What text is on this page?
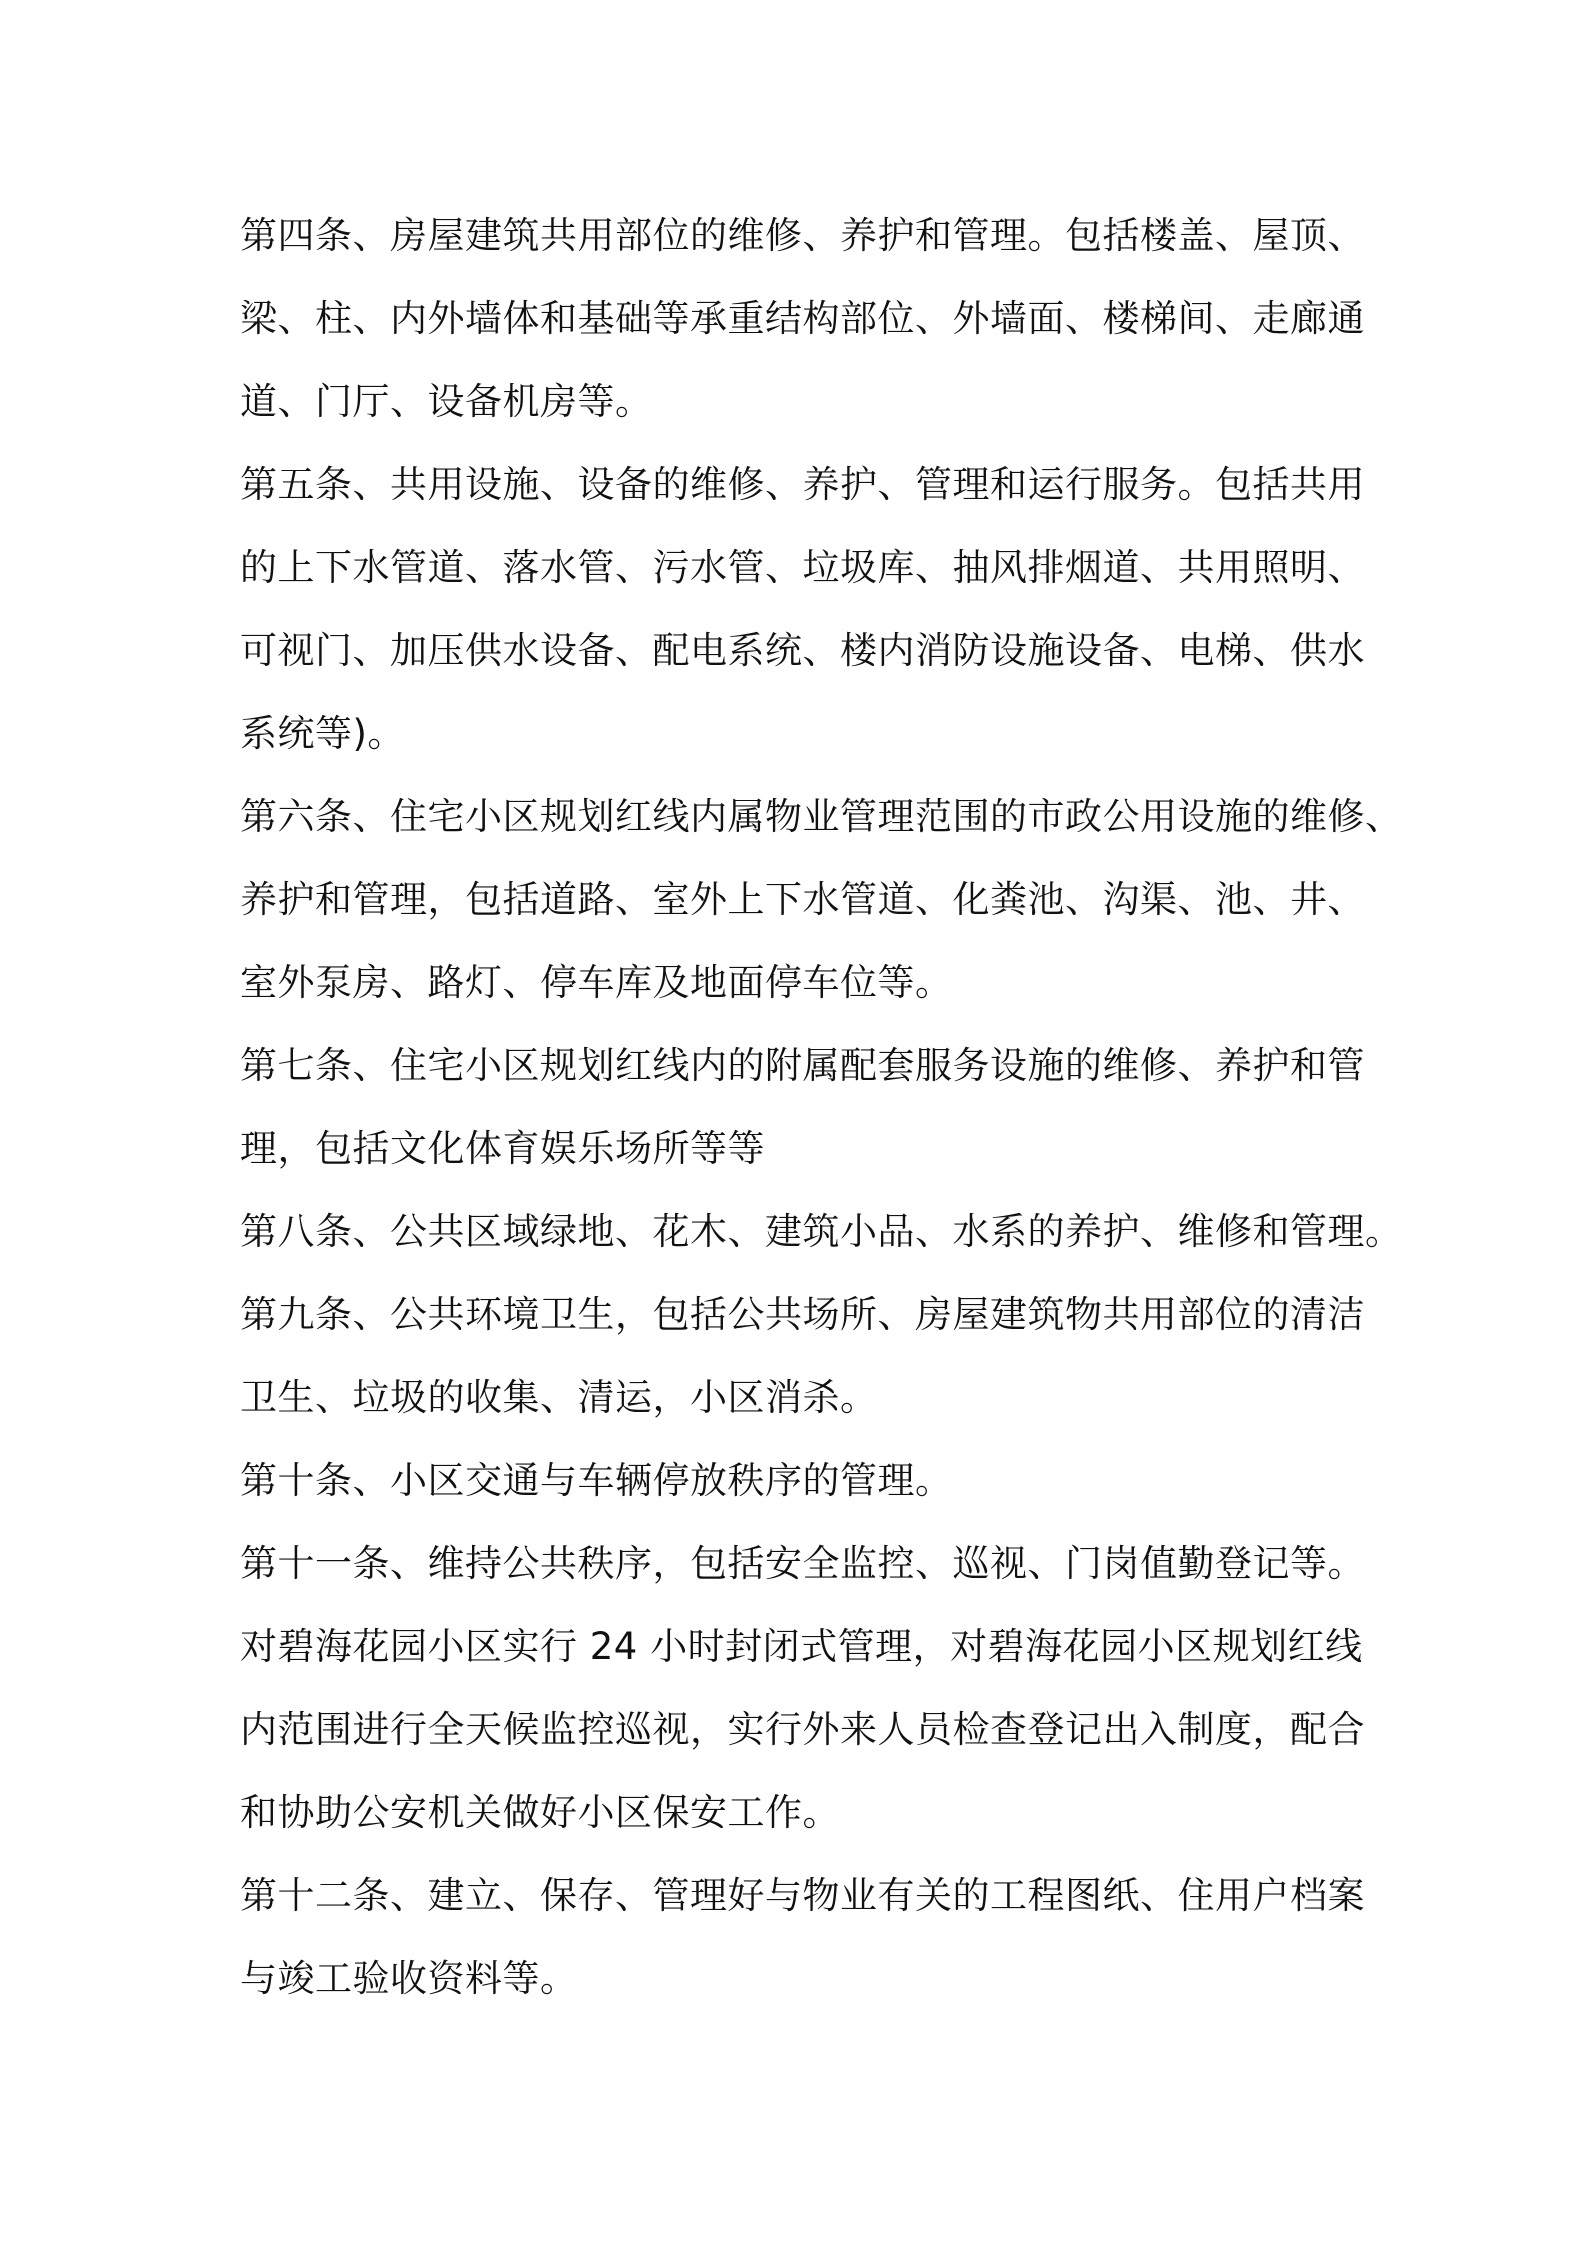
第四条、房屋建筑共用部位的维修、养护和管理。包括楼盖、屋顶、
梁、柱、内外墙体和基础等承重结构部位、外墙面、楼梯间、走廊通
道、门厅、设备机房等。

第五条、共用设施、设备的维修、养护、管理和运行服务。包括共用
的上下水管道、落水管、污水管、垃圾库、抽风排烟道、共用照明、
可视门、加压供水设备、配电系统、楼内消防设施设备、电梯、供水
系统等)。

第六条、住宅小区规划红线内属物业管理范围的市政公用设施的维修、
养护和管理，包括道路、室外上下水管道、化粪池、沟渠、池、井、
室外泵房、路灯、停车库及地面停车位等。

第七条、住宅小区规划红线内的附属配套服务设施的维修、养护和管
理，包括文化体育娱乐场所等等

第八条、公共区域绿地、花木、建筑小品、水系的养护、维修和管理。

第九条、公共环境卫生，包括公共场所、房屋建筑物共用部位的清洁
卫生、垃圾的收集、清运，小区消杀。

第十条、小区交通与车辆停放秩序的管理。

第十一条、维持公共秩序，包括安全监控、巡视、门岗值勤登记等。
对碧海花园小区实行 24 小时封闭式管理，对碧海花园小区规划红线
内范围进行全天候监控巡视，实行外来人员检查登记出入制度，配合
和协助公安机关做好小区保安工作。

第十二条、建立、保存、管理好与物业有关的工程图纸、住用户档案
与竣工验收资料等。
